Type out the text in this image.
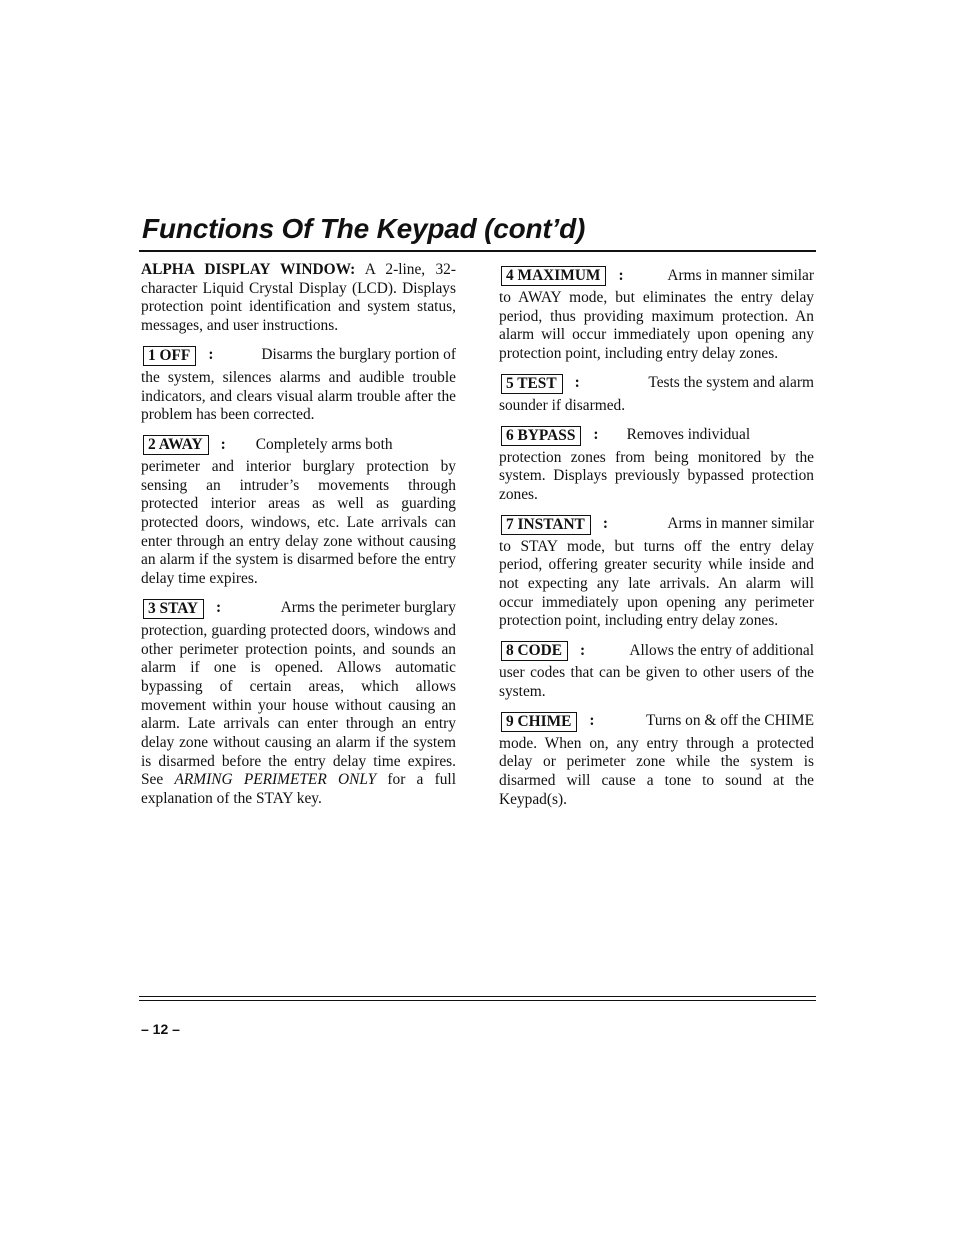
Functions Of The Keypad (cont’d)

ALPHA DISPLAY WINDOW: A 2-line, 32-character Liquid Crystal Display (LCD). Displays protection point identification and system status, messages, and user instructions.

1 OFF	:	Disarms the burglary portion of

the system, silences alarms and audible trouble indicators, and clears visual alarm trouble after the problem has been corrected.

2 AWAY	: Completely arms both

perimeter and interior burglary protection by sensing an intruder’s movements through protected interior areas as well as guarding protected doors, windows, etc. Late arrivals can enter through an entry delay zone without causing an alarm if the system is disarmed before the entry delay time expires.

3 STAY	:	Arms the perimeter burglary

protection, guarding protected doors, windows and other perimeter protection points, and sounds an alarm if one is opened. Allows automatic bypassing of certain areas, which allows movement within your house without causing an alarm. Late arrivals can enter through an entry delay zone without causing an alarm if the system is disarmed before the entry delay time expires. See ARMING PERIMETER ONLY for a full explanation of the STAY key.

4 MAXIMUM	:	Arms in manner similar

to AWAY mode, but eliminates the entry delay period, thus providing maximum protection. An alarm will occur immediately upon opening any protection point, including entry delay zones.

5 TEST	:	Tests the system and alarm

sounder if disarmed.

6 BYPASS	: Removes individual

protection zones from being monitored by the system. Displays previously bypassed protection zones.

7 INSTANT	:	Arms in manner similar

to STAY mode, but turns off the entry delay period, offering greater security while inside and not expecting any late arrivals. An alarm will occur immediately upon opening any perimeter protection point, including entry delay zones.

8 CODE	:	Allows the entry of additional

user codes that can be given to other users of the system.

9 CHIME	:	Turns on & off the CHIME

mode. When on, any entry through a protected delay or perimeter zone while the system is disarmed will cause a tone to sound at the Keypad(s).

– 12 –
